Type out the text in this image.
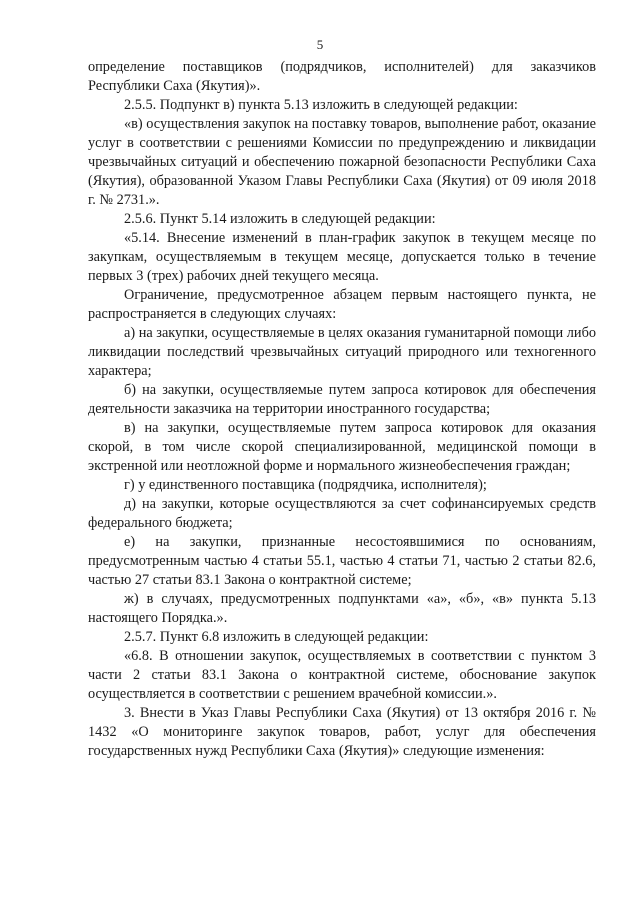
5

определение поставщиков (подрядчиков, исполнителей) для заказчиков Республики Саха (Якутия)».

2.5.5. Подпункт в) пункта 5.13 изложить в следующей редакции:

«в) осуществления закупок на поставку товаров, выполнение работ, оказание услуг в соответствии с решениями Комиссии по предупреждению и ликвидации чрезвычайных ситуаций и обеспечению пожарной безопасности Республики Саха (Якутия), образованной Указом Главы Республики Саха (Якутия) от 09 июля 2018 г. № 2731.».

2.5.6. Пункт 5.14 изложить в следующей редакции:

«5.14. Внесение изменений в план-график закупок в текущем месяце по закупкам, осуществляемым в текущем месяце, допускается только в течение первых 3 (трех) рабочих дней текущего месяца.

Ограничение, предусмотренное абзацем первым настоящего пункта, не распространяется в следующих случаях:

а) на закупки, осуществляемые в целях оказания гуманитарной помощи либо ликвидации последствий чрезвычайных ситуаций природного или техногенного характера;

б) на закупки, осуществляемые путем запроса котировок для обеспечения деятельности заказчика на территории иностранного государства;

в) на закупки, осуществляемые путем запроса котировок для оказания скорой, в том числе скорой специализированной, медицинской помощи в экстренной или неотложной форме и нормального жизнеобеспечения граждан;

г) у единственного поставщика (подрядчика, исполнителя);

д) на закупки, которые осуществляются за счет софинансируемых средств федерального бюджета;

е) на закупки, признанные несостоявшимися по основаниям, предусмотренным частью 4 статьи 55.1, частью 4 статьи 71, частью 2 статьи 82.6, частью 27 статьи 83.1 Закона о контрактной системе;

ж) в случаях, предусмотренных подпунктами «а», «б», «в» пункта 5.13 настоящего Порядка.».

2.5.7. Пункт 6.8 изложить в следующей редакции:

«6.8. В отношении закупок, осуществляемых в соответствии с пунктом 3 части 2 статьи 83.1 Закона о контрактной системе, обоснование закупок осуществляется в соответствии с решением врачебной комиссии.».

3. Внести в Указ Главы Республики Саха (Якутия) от 13 октября 2016 г. № 1432 «О мониторинге закупок товаров, работ, услуг для обеспечения государственных нужд Республики Саха (Якутия)» следующие изменения:
